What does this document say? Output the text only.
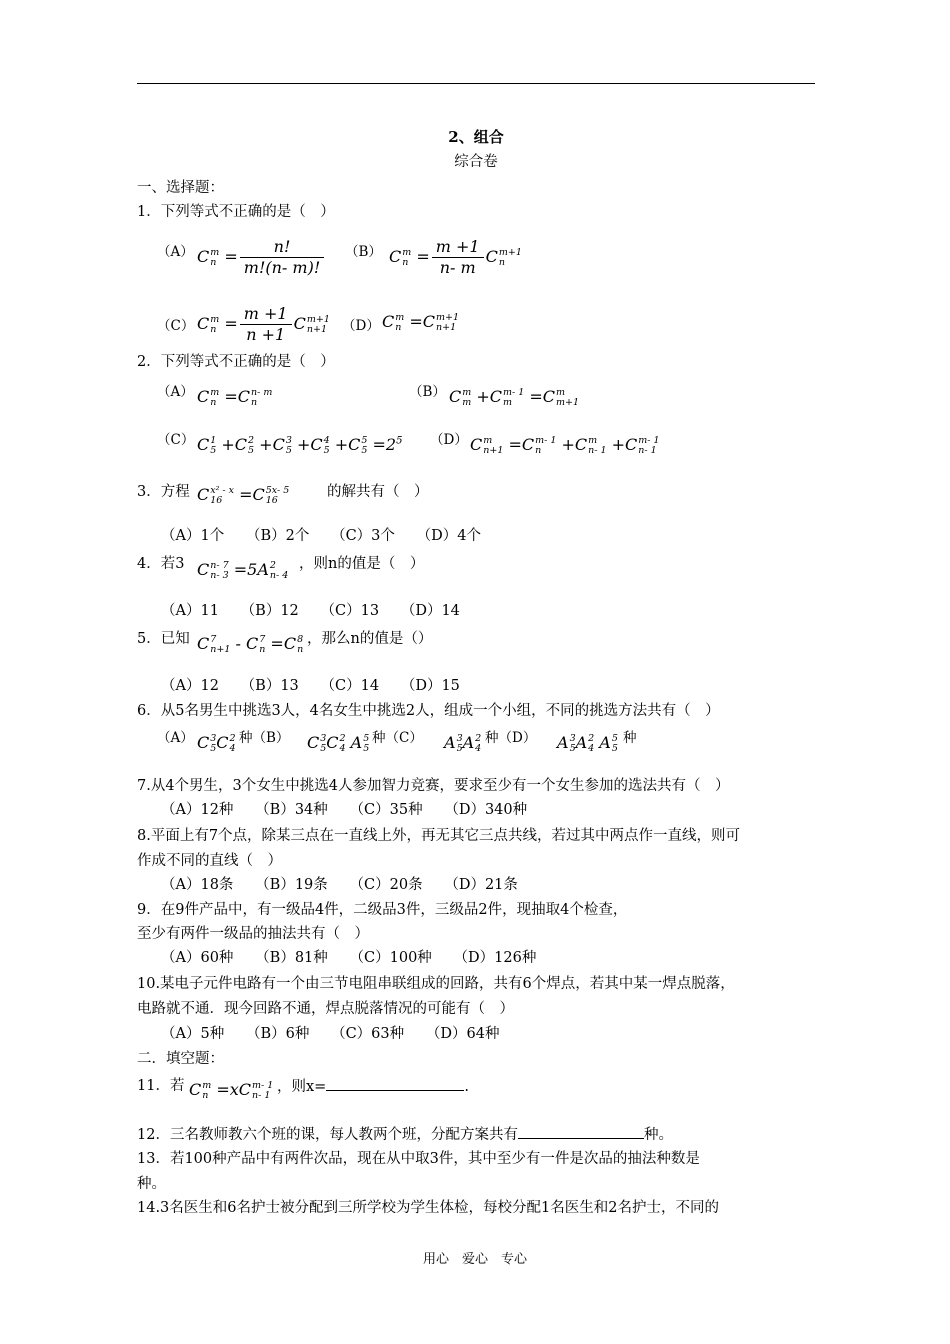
2、组合
综合卷
一、选择题：
1．下列等式不正确的是（　）
（A） C m
$n = \frac{n!}{m!(n- m)!} (B)$ C m
$n = \frac{m +1}{n- m}$ C m+1
n
（C） C m
$n = \frac{m +1}{n +1}$ C m+1
n+1 （D） C m
n =C m+1
n+1
2．下列等式不正确的是（　）
（A） C m
n =C n- m
n
（B） C m
m +C m- 1
m =C m
m+1
（C） C 1
5 +C 2
5 +C 3
5 +C 4
5 +C 5
$5 =2^5$ （D） C m
n+1 =C m- 1
n +C m
n- 1 +C m- 1
n- 1
3．方程 C x² - x
16 =C 5x- 5
16	的解共有（　）
（A）1个　　（B）2个　　（C）3个　　（D）4个
4．若3 C n- 7
n- 3 =5A 2
n- 4
，则n的值是（　）
（A）11　　（B）12　　（C）13　　（D）14
5．已知 C 7
n+1 - C 7
n =C 8
n
，那么n的值是（）
（A）12　　（B）13　　（C）14　　（D）15
6．从5名男生中挑选3人，4名女生中挑选2人，组成一个小组，不同的挑选方法共有（　）
（A） C 3
5 C 2
4
种（B） C 3
5 C 2
4 A 5
5
种（C） A 3
5 A 2
4
种（D） A 3
5 A 2
4 A 5
5
种
7.从4个男生，3个女生中挑选4人参加智力竞赛，要求至少有一个女生参加的选法共有（　）
（A）12种　　（B）34种　　（C）35种　　（D）340种
8.平面上有7个点，除某三点在一直线上外，再无其它三点共线，若过其中两点作一直线，则可
作成不同的直线（　）
（A）18条　　（B）19条　　（C）20条　　（D）21条
9．在9件产品中，有一级品4件，二级品3件，三级品2件，现抽取4个检查，
至少有两件一级品的抽法共有（　）
（A）60种　　（B）81种　　（C）100种　　（D）126种
10.某电子元件电路有一个由三节电阻串联组成的回路，共有6个焊点，若其中某一焊点脱落，
电路就不通．现今回路不通，焊点脱落情况的可能有（　）
（A）5种　　（B）6种　　（C）63种　　（D）64种
二．填空题：
11．若 C m
n =xC m- 1
n- 1 ，则x=	.
12．三名教师教六个班的课，每人教两个班，分配方案共有	种。
13．若100种产品中有两件次品，现在从中取3件，其中至少有一件是次品的抽法种数是
种。
14.3名医生和6名护士被分配到三所学校为学生体检，每校分配1名医生和2名护士，不同的
用心　爱心　专心
